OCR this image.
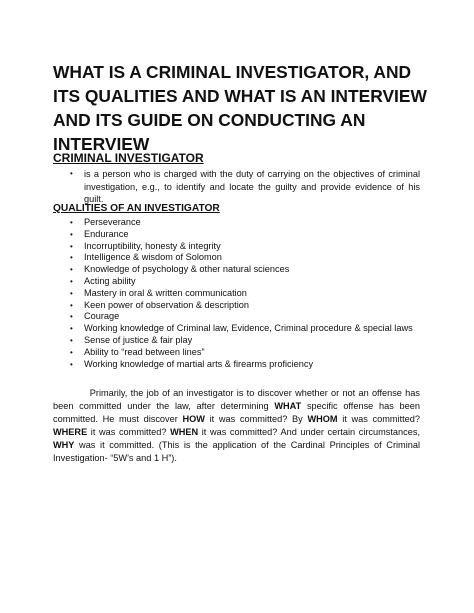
WHAT IS A CRIMINAL INVESTIGATOR, AND ITS QUALITIES AND WHAT IS AN INTERVIEW AND ITS GUIDE ON CONDUCTING AN INTERVIEW
CRIMINAL INVESTIGATOR
• is a person who is charged with the duty of carrying on the objectives of criminal investigation, e.g., to identify and locate the guilty and provide evidence of his guilt.

QUALITIES OF AN INVESTIGATOR
• Perseverance
• Endurance
• Incorruptibility, honesty & integrity
• Intelligence & wisdom of Solomon
• Knowledge of psychology & other natural sciences
• Acting ability
• Mastery in oral & written communication
• Keen power of observation & description
• Courage
• Working knowledge of Criminal law, Evidence, Criminal procedure & special laws
• Sense of justice & fair play
• Ability to “read between lines”
• Working knowledge of martial arts & firearms proficiency

    Primarily, the job of an investigator is to discover whether or not an offense has been committed under the law, after determining WHAT specific offense has been committed. He must discover HOW it was committed? By WHOM it was committed? WHERE it was committed? WHEN it was committed? And under certain circumstances, WHY was it committed. (This is the application of the Cardinal Principles of Criminal Investigation- “5W’s and 1 H”).
